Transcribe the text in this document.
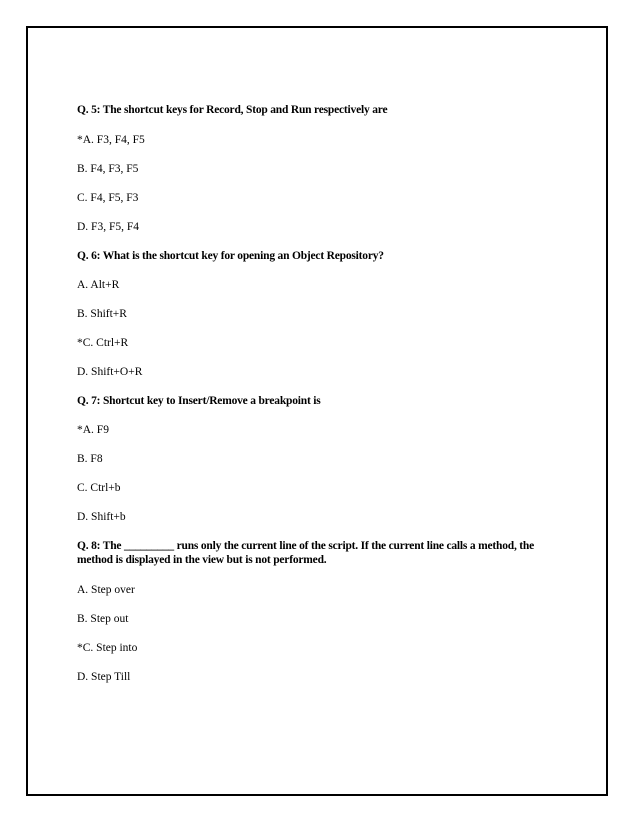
Q. 5: The shortcut keys for Record, Stop and Run respectively are
*A. F3, F4, F5
B. F4, F3, F5
C. F4, F5, F3
D. F3, F5, F4
Q. 6: What is the shortcut key for opening an Object Repository?
A. Alt+R
B. Shift+R
*C. Ctrl+R
D. Shift+O+R
Q. 7: Shortcut key to Insert/Remove a breakpoint is
*A. F9
B. F8
C. Ctrl+b
D. Shift+b
Q. 8: The _________ runs only the current line of the script. If the current line calls a method, the method is displayed in the view but is not performed.
A. Step over
B. Step out
*C. Step into
D. Step Till
